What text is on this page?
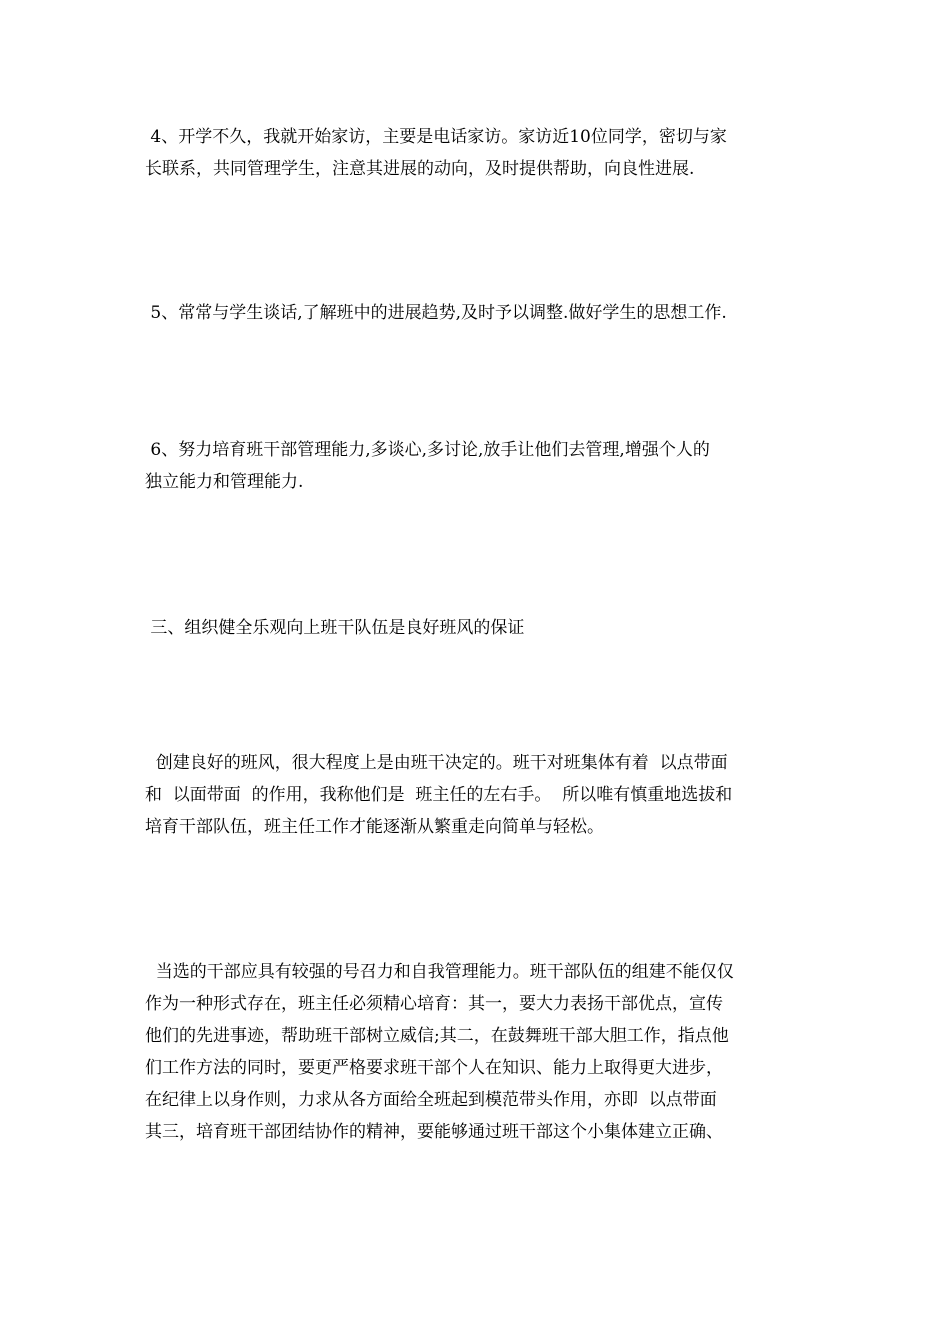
4、开学不久，我就开始家访，主要是电话家访。家访近10位同学，密切与家
长联系，共同管理学生，注意其进展的动向，及时提供帮助，向良性进展.
5、常常与学生谈话,了解班中的进展趋势,及时予以调整.做好学生的思想工作.
6、努力培育班干部管理能力,多谈心,多讨论,放手让他们去管理,增强个人的
独立能力和管理能力.
三、组织健全乐观向上班干队伍是良好班风的保证
创建良好的班风，很大程度上是由班干决定的。班干对班集体有着  以点带面
和  以面带面  的作用，我称他们是  班主任的左右手。  所以唯有慎重地选拔和
培育干部队伍，班主任工作才能逐渐从繁重走向简单与轻松。
当选的干部应具有较强的号召力和自我管理能力。班干部队伍的组建不能仅仅
作为一种形式存在，班主任必须精心培育：其一，要大力表扬干部优点，宣传
他们的先进事迹，帮助班干部树立威信;其二，在鼓舞班干部大胆工作，指点他
们工作方法的同时，要更严格要求班干部个人在知识、能力上取得更大进步，
在纪律上以身作则，力求从各方面给全班起到模范带头作用，亦即  以点带面
其三，培育班干部团结协作的精神，要能够通过班干部这个小集体建立正确、
